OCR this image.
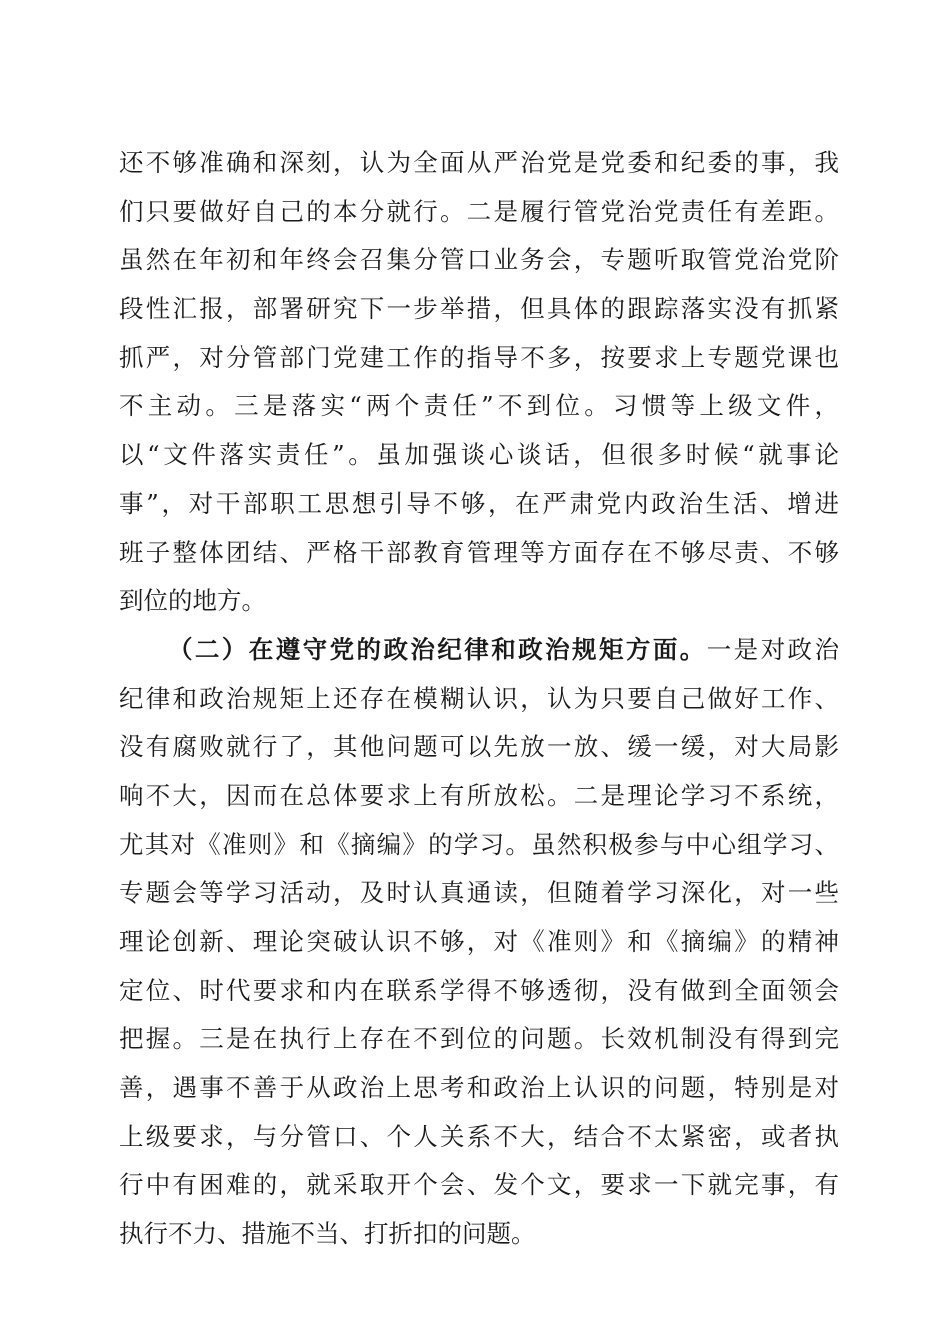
还不够准确和深刻，认为全面从严治党是党委和纪委的事，我
们只要做好自己的本分就行。二是履行管党治党责任有差距。
虽然在年初和年终会召集分管口业务会，专题听取管党治党阶
段性汇报，部署研究下一步举措，但具体的跟踪落实没有抓紧
抓严，对分管部门党建工作的指导不多，按要求上专题党课也
不主动。三是落实“两个责任”不到位。习惯等上级文件，
以“文件落实责任”。虽加强谈心谈话，但很多时候“就事论
事”，对干部职工思想引导不够，在严肃党内政治生活、增进
班子整体团结、严格干部教育管理等方面存在不够尽责、不够
到位的地方。
（二）在遵守党的政治纪律和政治规矩方面。一是对政治
纪律和政治规矩上还存在模糊认识，认为只要自己做好工作、
没有腐败就行了，其他问题可以先放一放、缓一缓，对大局影
响不大，因而在总体要求上有所放松。二是理论学习不系统，
尤其对《准则》和《摘编》的学习。虽然积极参与中心组学习、
专题会等学习活动，及时认真通读，但随着学习深化，对一些
理论创新、理论突破认识不够，对《准则》和《摘编》的精神
定位、时代要求和内在联系学得不够透彻，没有做到全面领会
把握。三是在执行上存在不到位的问题。长效机制没有得到完
善，遇事不善于从政治上思考和政治上认识的问题，特别是对
上级要求，与分管口、个人关系不大，结合不太紧密，或者执
行中有困难的，就采取开个会、发个文，要求一下就完事，有
执行不力、措施不当、打折扣的问题。
